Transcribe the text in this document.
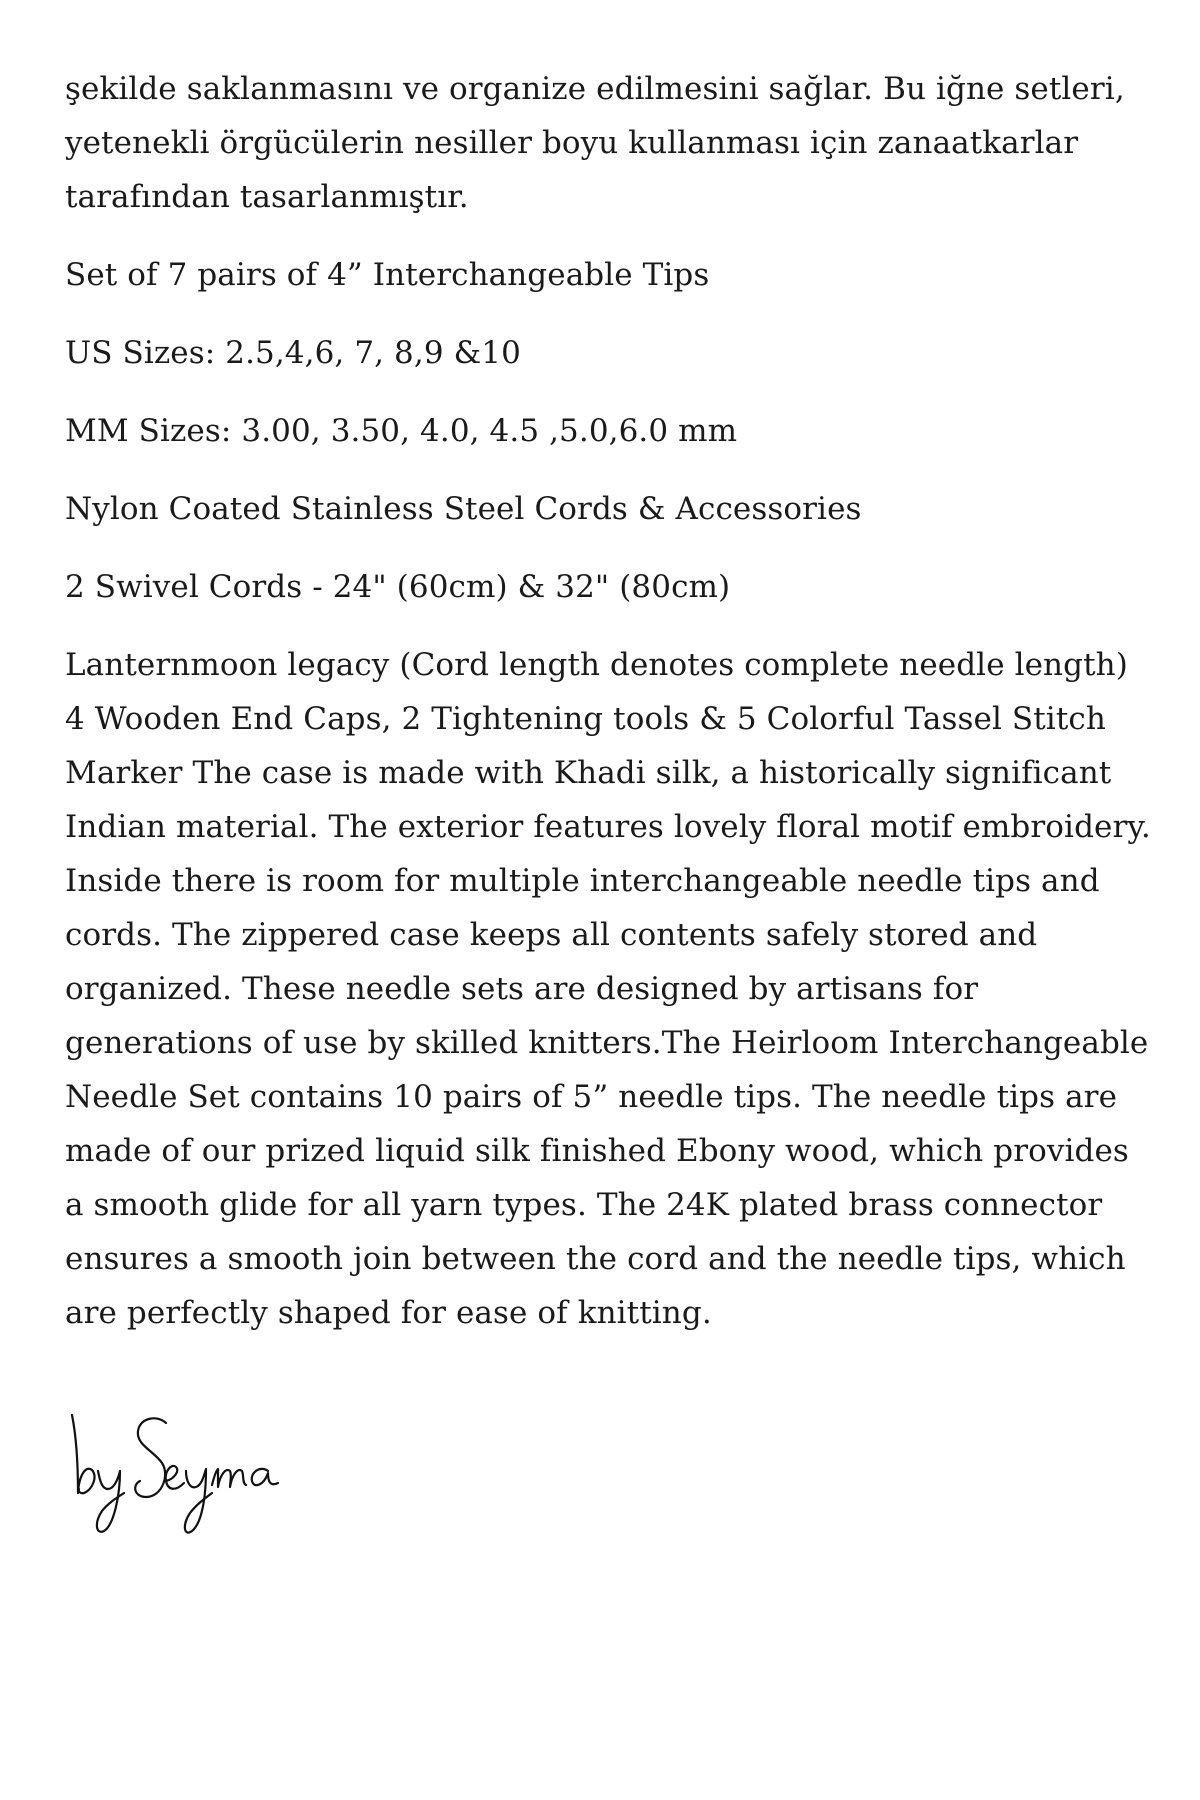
şekilde saklanmasını ve organize edilmesini sağlar. Bu iğne setleri, yetenekli örgücülerin nesiller boyu kullanması için zanaatkarlar tarafından tasarlanmıştır.

Set of 7 pairs of 4” Interchangeable Tips

US Sizes: 2.5,4,6, 7, 8,9 &10

MM Sizes: 3.00, 3.50, 4.0, 4.5 ,5.0,6.0 mm

Nylon Coated Stainless Steel Cords & Accessories

2 Swivel Cords - 24" (60cm) & 32" (80cm)

Lanternmoon legacy (Cord length denotes complete needle length) 4 Wooden End Caps, 2 Tightening tools & 5 Colorful Tassel Stitch Marker The case is made with Khadi silk, a historically significant Indian material. The exterior features lovely floral motif embroidery. Inside there is room for multiple interchangeable needle tips and cords. The zippered case keeps all contents safely stored and organized. These needle sets are designed by artisans for generations of use by skilled knitters.The Heirloom Interchangeable Needle Set contains 10 pairs of 5” needle tips. The needle tips are made of our prized liquid silk finished Ebony wood, which provides a smooth glide for all yarn types. The 24K plated brass connector ensures a smooth join between the cord and the needle tips, which are perfectly shaped for ease of knitting.
